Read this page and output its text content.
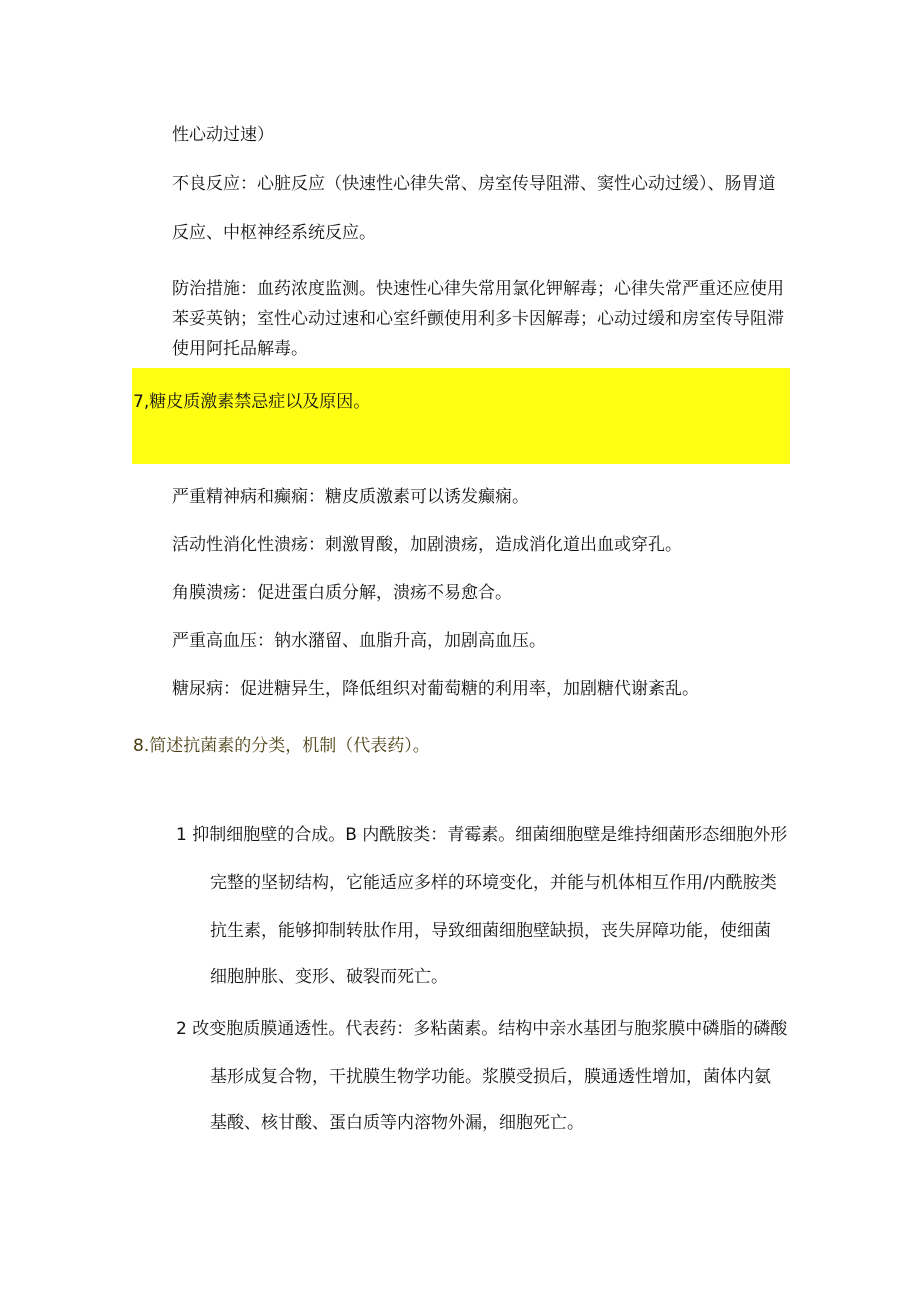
性心动过速）
不良反应：心脏反应（快速性心律失常、房室传导阻滞、窦性心动过缓）、肠胃道
反应、中枢神经系统反应。
防治措施：血药浓度监测。快速性心律失常用氯化钾解毒；心律失常严重还应使用
苯妥英钠；室性心动过速和心室纤颤使用利多卡因解毒；心动过缓和房室传导阻滞
使用阿托品解毒。
7,糖皮质激素禁忌症以及原因。
严重精神病和癫痫：糖皮质激素可以诱发癫痫。
活动性消化性溃疡：刺激胃酸，加剧溃疡，造成消化道出血或穿孔。
角膜溃疡：促进蛋白质分解，溃疡不易愈合。
严重高血压：钠水潴留、血脂升高，加剧高血压。
糖尿病：促进糖异生，降低组织对葡萄糖的利用率，加剧糖代谢紊乱。
8.简述抗菌素的分类，机制（代表药）。
1 抑制细胞壁的合成。B 内酰胺类：青霉素。细菌细胞壁是维持细菌形态细胞外形
完整的坚韧结构，它能适应多样的环境变化，并能与机体相互作用/内酰胺类
抗生素，能够抑制转肽作用，导致细菌细胞壁缺损，丧失屏障功能，使细菌
细胞肿胀、变形、破裂而死亡。
2 改变胞质膜通透性。代表药：多粘菌素。结构中亲水基团与胞浆膜中磷脂的磷酸
基形成复合物，干扰膜生物学功能。浆膜受损后，膜通透性增加，菌体内氨
基酸、核甘酸、蛋白质等内溶物外漏，细胞死亡。
